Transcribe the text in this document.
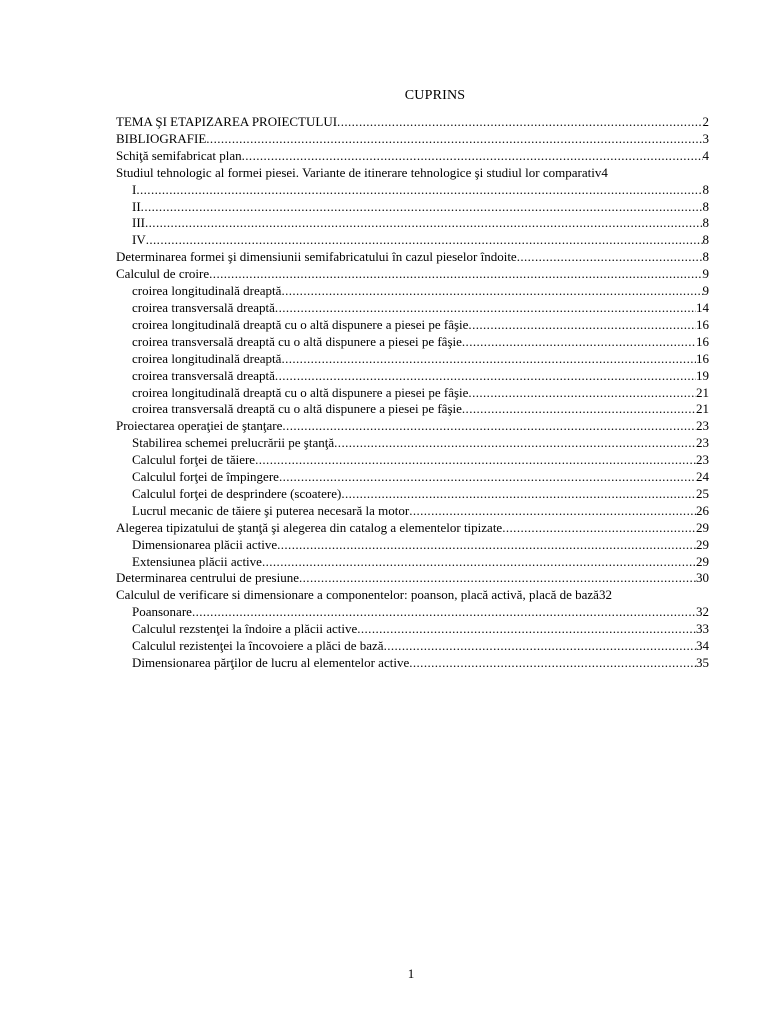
CUPRINS
TEMA ŞI ETAPIZAREA PROIECTULUI .....	2
BIBLIOGRAFIE .....	3
Schiţă semifabricat plan .....	4
Studiul tehnologic al formei piesei. Variante de itinerare tehnologice şi studiul lor comparativ 4
I .....	8
II .....	8
III .....	8
IV .....	8
Determinarea formei şi dimensiunii semifabricatului în cazul pieselor îndoite .....	8
Calculul de croire .....	9
croirea longitudinală dreaptă .....	9
croirea transversală dreaptă .....	14
croirea longitudinală dreaptă cu o altă dispunere a piesei pe fâşie .....	16
croirea transversală dreaptă cu o altă dispunere a piesei pe fâşie .....	16
croirea longitudinală dreaptă .....	16
croirea transversală dreaptă .....	19
croirea longitudinală dreaptă cu o altă dispunere a piesei pe fâşie .....	21
croirea transversală dreaptă cu o altă dispunere a piesei pe fâşie .....	21
Proiectarea operaţiei de ştanţare .....	23
Stabilirea schemei prelucrării pe ştanţă .....	23
Calculul forţei de tăiere .....	23
Calculul forţei de împingere .....	24
Calculul forţei de desprindere (scoatere) .....	25
Lucrul mecanic de tăiere şi puterea necesară la motor .....	26
Alegerea tipizatului de ştanţă şi alegerea din catalog a elementelor tipizate .....	29
Dimensionarea plăcii active .....	29
Extensiunea plăcii active .....	29
Determinarea centrului de presiune .....	30
Calculul de verificare si dimensionare a componentelor: poanson, placă activă, placă de bază 32
Poansonare .....	32
Calculul rezstenţei la îndoire a plăcii active .....	33
Calculul rezistenţei la încovoiere a plăci de bază .....	34
Dimensionarea părţilor de lucru al elementelor active .....	35
1
